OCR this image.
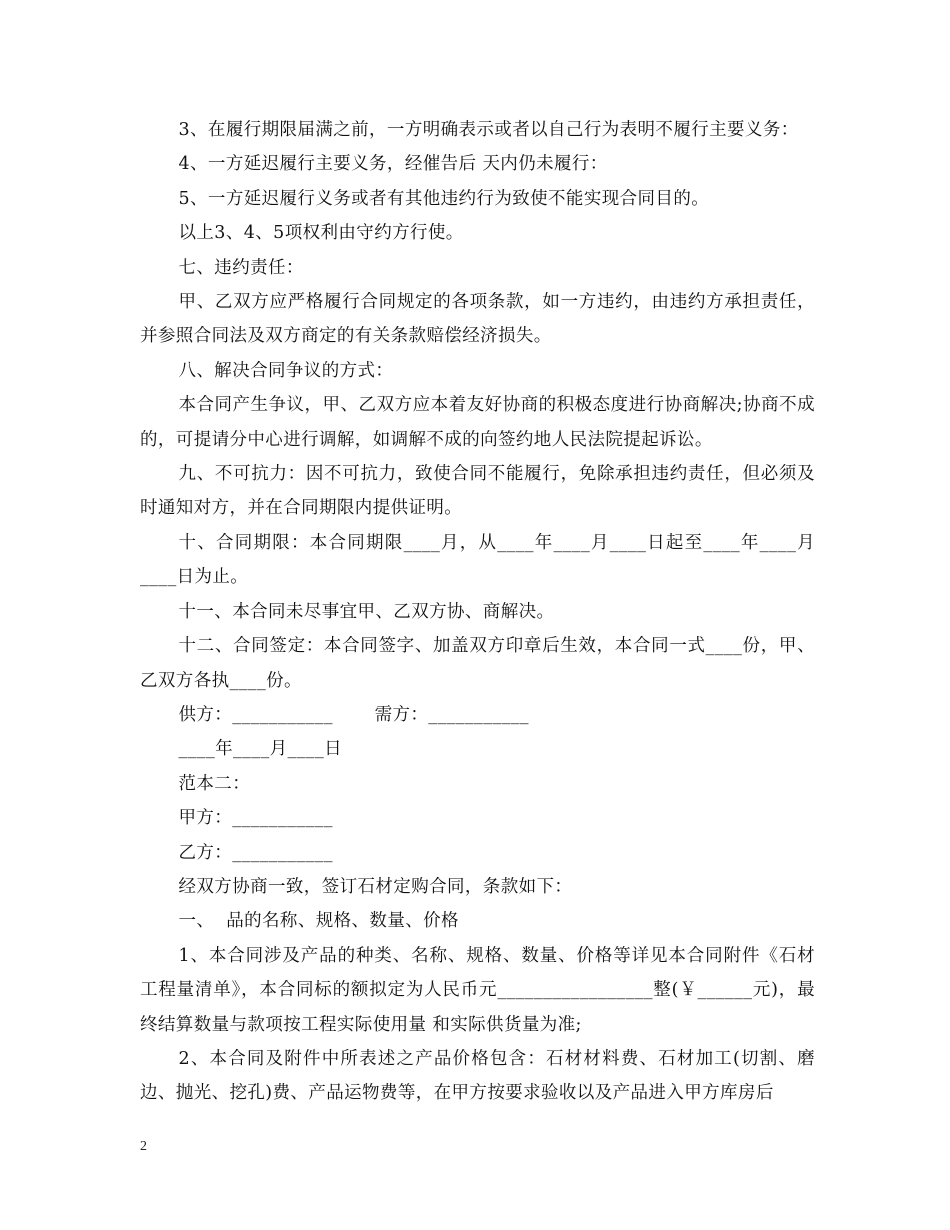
3、在履行期限届满之前，一方明确表示或者以自己行为表明不履行主要义务：

4、一方延迟履行主要义务，经催告后 天内仍未履行：

5、一方延迟履行义务或者有其他违约行为致使不能实现合同目的。

以上3、4、5项权利由守约方行使。

七、违约责任：

甲、乙双方应严格履行合同规定的各项条款，如一方违约，由违约方承担责任，并参照合同法及双方商定的有关条款赔偿经济损失。

八、解决合同争议的方式：

本合同产生争议，甲、乙双方应本着友好协商的积极态度进行协商解决;协商不成的，可提请分中心进行调解，如调解不成的向签约地人民法院提起诉讼。

九、不可抗力：因不可抗力，致使合同不能履行，免除承担违约责任，但必须及时通知对方，并在合同期限内提供证明。

十、合同期限：本合同期限____月，从____年____月____日起至____年____月____日为止。

十一、本合同未尽事宜甲、乙双方协、商解决。

十二、合同签定：本合同签字、加盖双方印章后生效，本合同一式____份，甲、乙双方各执____份。

供方：___________       需方：___________

____年____月____日

范本二：

甲方：___________

乙方：___________

经双方协商一致，签订石材定购合同，条款如下：

一、  品的名称、规格、数量、价格

1、本合同涉及产品的种类、名称、规格、数量、价格等详见本合同附件《石材工程量清单》，本合同标的额拟定为人民币元_________________整(￥______元)，最终结算数量与款项按工程实际使用量 和实际供货量为准;

2、本合同及附件中所表述之产品价格包含：石材材料费、石材加工(切割、磨边、抛光、挖孔)费、产品运物费等，在甲方按要求验收以及产品进入甲方库房后

2
